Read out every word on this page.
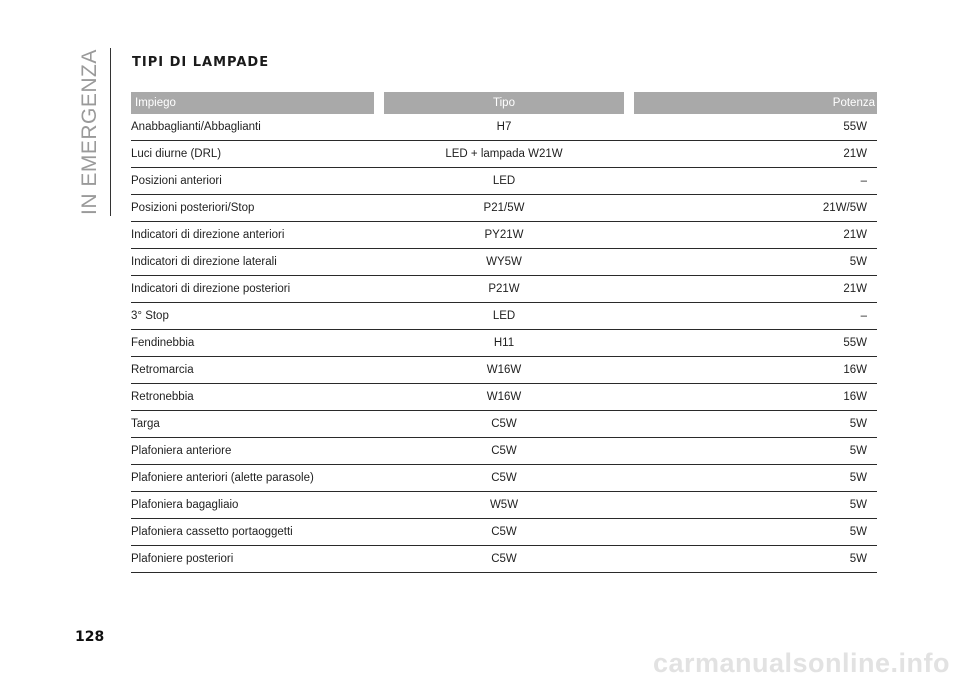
IN EMERGENZA TIPI DI LAMPADE
Impiego	Tipo	Potenza
Anabbaglianti/Abbaglianti	H7	55W
Luci diurne (DRL)	LED + lampada W21W	21W
Posizioni anteriori	LED	–
Posizioni posteriori/Stop	P21/5W	21W/5W
Indicatori di direzione anteriori	PY21W	21W
Indicatori di direzione laterali	WY5W	5W
Indicatori di direzione posteriori	P21W	21W
3° Stop	LED	–
Fendinebbia	H11	55W
Retromarcia	W16W	16W
Retronebbia	W16W	16W
Targa	C5W	5W
Plafoniera anteriore	C5W	5W
Plafoniere anteriori (alette parasole)	C5W	5W
Plafoniera bagagliaio	W5W	5W
Plafoniera cassetto portaoggetti	C5W	5W
Plafoniere posteriori	C5W	5W
128
carmanualsonline.info
